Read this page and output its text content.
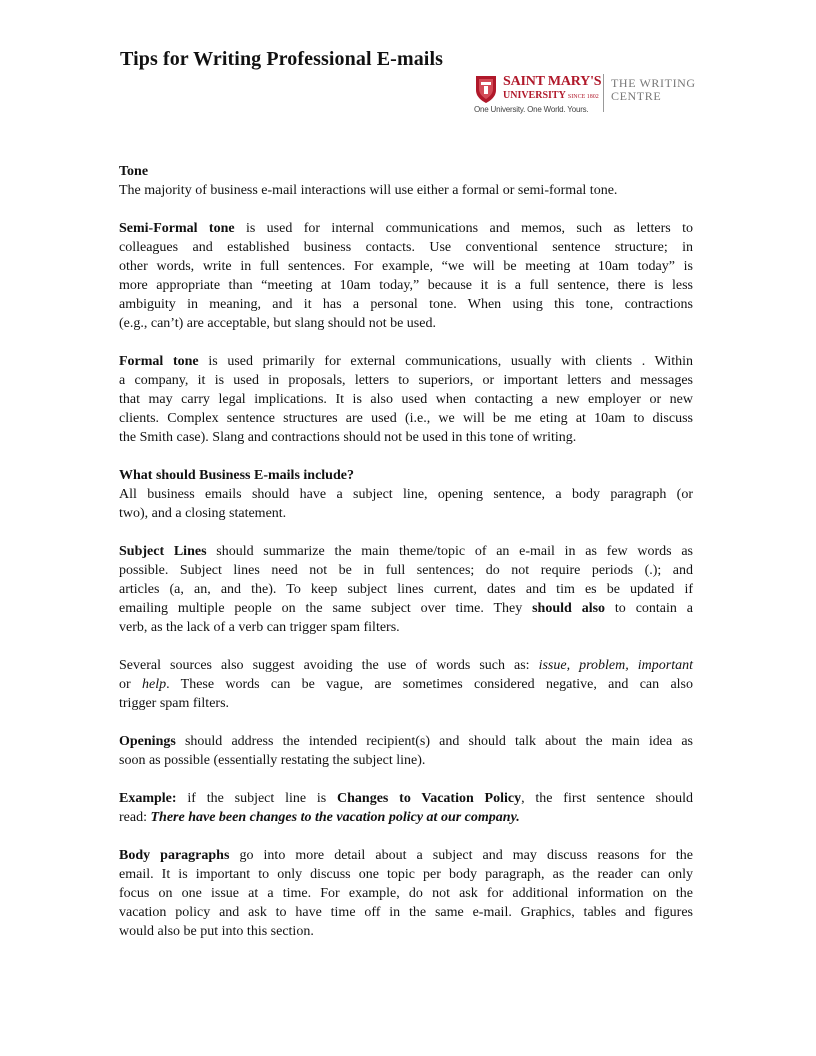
Tips for Writing Professional E-mails
SAINT MARY'S
UNIVERSITY SINCE 1802
THE WRITING
CENTRE
One University. One World. Yours.

Tone
The majority of business e-mail interactions will use either a formal or semi-formal tone.

Semi-Formal tone is used for internal communications and memos, such as letters to
colleagues and established business contacts. Use conventional sentence structure; in
other words, write in full sentences. For example, “we will be meeting at 10am today” is
more appropriate than “meeting at 10am today,” because it is a full sentence, there is less
ambiguity in meaning, and it has a personal tone. When using this tone, contractions
(e.g., can’t) are acceptable, but slang should not be used.

Formal tone is used primarily for external communications, usually with clients . Within
a company, it is used in proposals, letters to superiors, or important letters and messages
that may carry legal implications. It is also used when contacting a new employer or new
clients. Complex sentence structures are used (i.e., we will be me eting at 10am to discuss
the Smith case). Slang and contractions should not be used in this tone of writing.

What should Business E-mails include?
All business emails should have a subject line, opening sentence, a body paragraph (or
two), and a closing statement.

Subject Lines should summarize the main theme/topic of an e-mail in as few words as
possible. Subject lines need not be in full sentences; do not require periods (.); and
articles (a, an, and the). To keep subject lines current, dates and tim es be updated if
emailing multiple people on the same subject over time. They should also to contain a
verb, as the lack of a verb can trigger spam filters.

Several sources also suggest avoiding the use of words such as: issue, problem, important
or help. These words can be vague, are sometimes considered negative, and can also
trigger spam filters.

Openings should address the intended recipient(s) and should talk about the main idea as
soon as possible (essentially restating the subject line).

Example: if the subject line is Changes to Vacation Policy, the first sentence should
read: There have been changes to the vacation policy at our company.

Body paragraphs go into more detail about a subject and may discuss reasons for the
email. It is important to only discuss one topic per body paragraph, as the reader can only
focus on one issue at a time. For example, do not ask for additional information on the
vacation policy and ask to have time off in the same e-mail. Graphics, tables and figures
would also be put into this section.
